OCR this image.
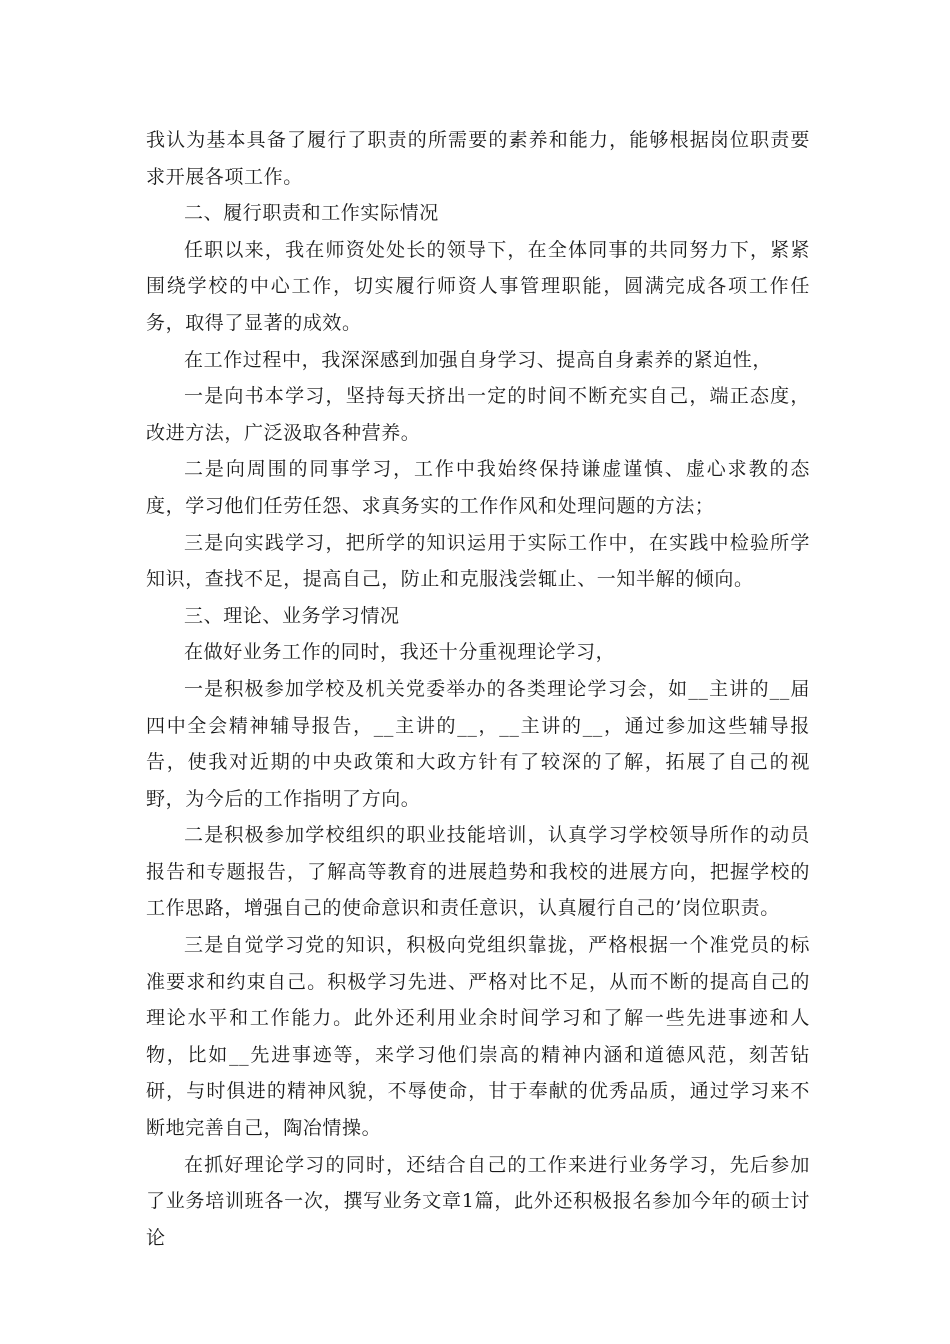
我认为基本具备了履行了职责的所需要的素养和能力，能够根据岗位职责要求开展各项工作。

二、履行职责和工作实际情况

任职以来，我在师资处处长的领导下，在全体同事的共同努力下，紧紧围绕学校的中心工作，切实履行师资人事管理职能，圆满完成各项工作任务，取得了显著的成效。

在工作过程中，我深深感到加强自身学习、提高自身素养的紧迫性，

一是向书本学习，坚持每天挤出一定的时间不断充实自己，端正态度，改进方法，广泛汲取各种营养。

二是向周围的同事学习，工作中我始终保持谦虚谨慎、虚心求教的态度，学习他们任劳任怨、求真务实的工作作风和处理问题的方法；

三是向实践学习，把所学的知识运用于实际工作中，在实践中检验所学知识，查找不足，提高自己，防止和克服浅尝辄止、一知半解的倾向。

三、理论、业务学习情况

在做好业务工作的同时，我还十分重视理论学习，

一是积极参加学校及机关党委举办的各类理论学习会，如__主讲的__届四中全会精神辅导报告，__主讲的__，__主讲的__，通过参加这些辅导报告，使我对近期的中央政策和大政方针有了较深的了解，拓展了自己的视野，为今后的工作指明了方向。

二是积极参加学校组织的职业技能培训，认真学习学校领导所作的动员报告和专题报告，了解高等教育的进展趋势和我校的进展方向，把握学校的工作思路，增强自己的使命意识和责任意识，认真履行自己的’岗位职责。

三是自觉学习党的知识，积极向党组织靠拢，严格根据一个准党员的标准要求和约束自己。积极学习先进、严格对比不足，从而不断的提高自己的理论水平和工作能力。此外还利用业余时间学习和了解一些先进事迹和人物，比如__先进事迹等，来学习他们崇高的精神内涵和道德风范，刻苦钻研，与时俱进的精神风貌，不辱使命，甘于奉献的优秀品质，通过学习来不断地完善自己，陶冶情操。

在抓好理论学习的同时，还结合自己的工作来进行业务学习，先后参加了业务培训班各一次，撰写业务文章1篇，此外还积极报名参加今年的硕士讨论
